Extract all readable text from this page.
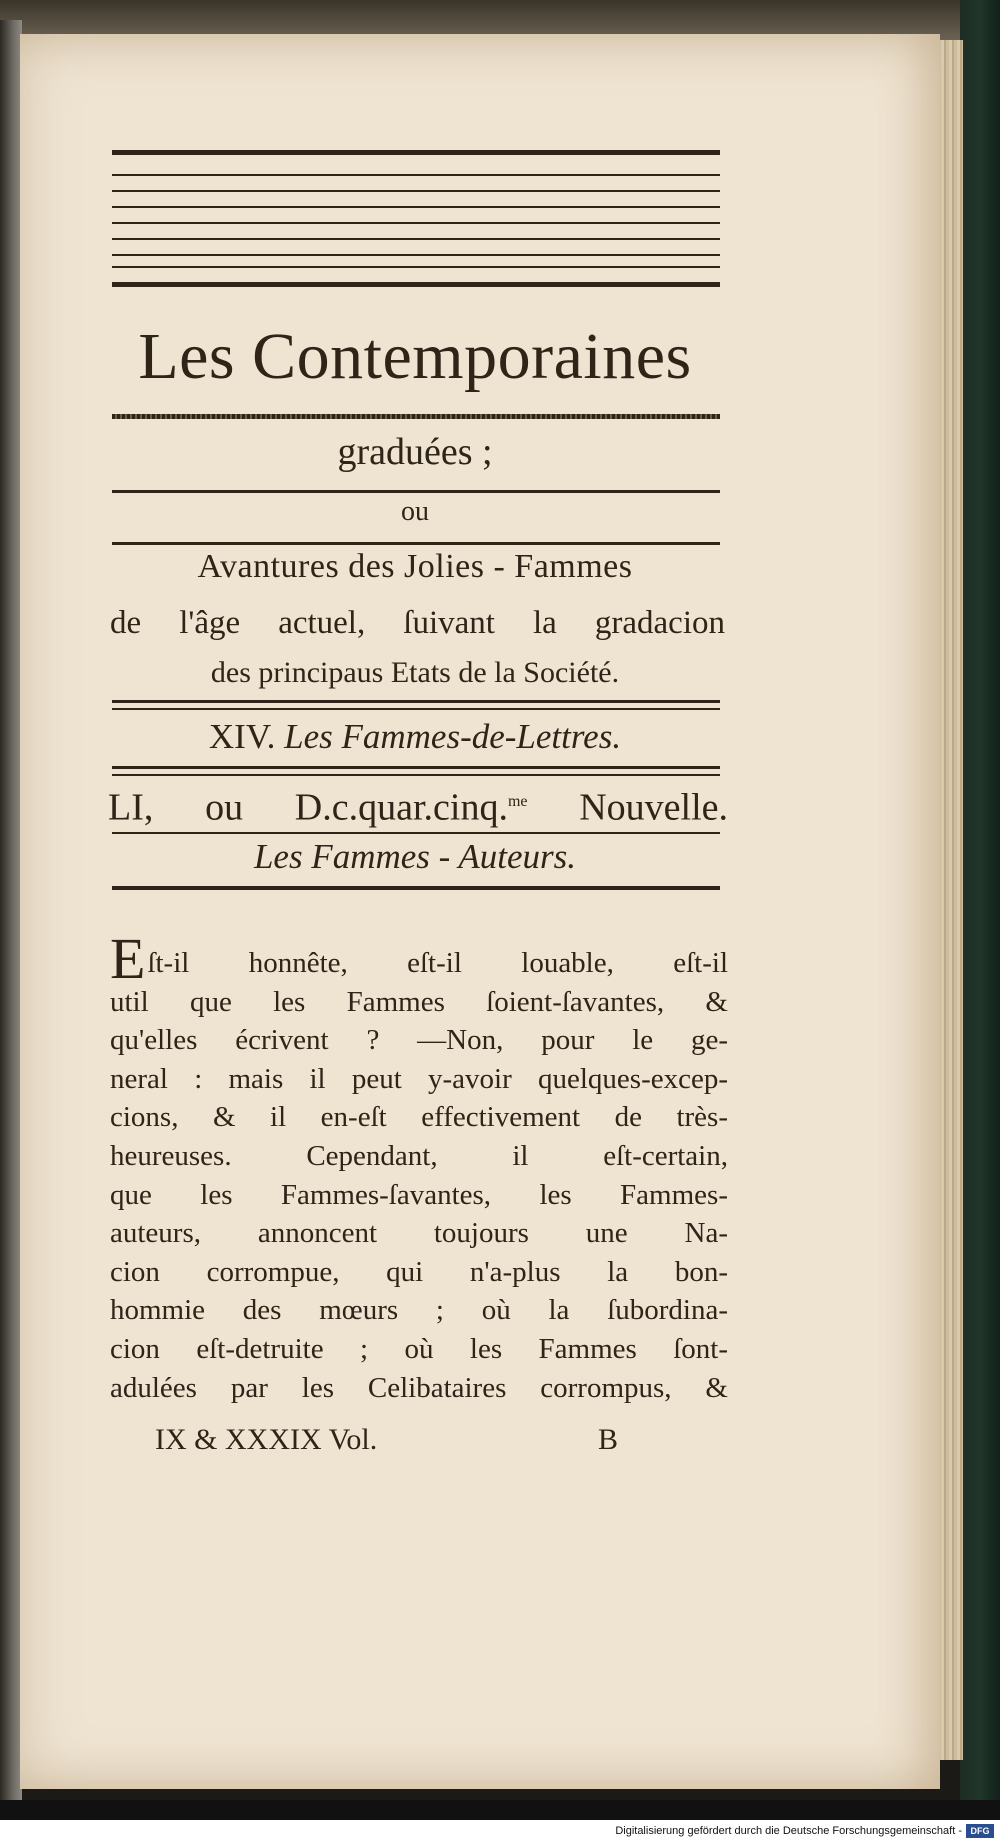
Les Contemporaines
graduées ;
ou
Avantures des Jolies - Fammes
de l'âge actuel, ſuivant la gradacion
des principaus Etats de la Société.
XIV. Les Fammes-de-Lettres.
LI, ou D.c.quar.cinq.$^{me}$ Nouvelle.
Les Fammes - Auteurs.
Eſt-il honnête, eſt-il louable, eſt-il
util que les Fammes ſoient-ſavantes, &
qu'elles écrivent ? —Non, pour le ge-
neral : mais il peut y-avoir quelques-excep-
cions, & il en-eſt effectivement de très-
heureuses. Cependant, il eſt-certain,
que les Fammes-ſavantes, les Fammes-
auteurs, annoncent toujours une Na-
cion corrompue, qui n'a-plus la bon-
hommie des mœurs ; où la ſubordina-
cion eſt-detruite ; où les Fammes ſont-
adulées par les Celibataires corrompus, &
IX & XXXIX Vol.	B
Digitalisierung gefördert durch die Deutsche Forschungsgemeinschaft - DFG
